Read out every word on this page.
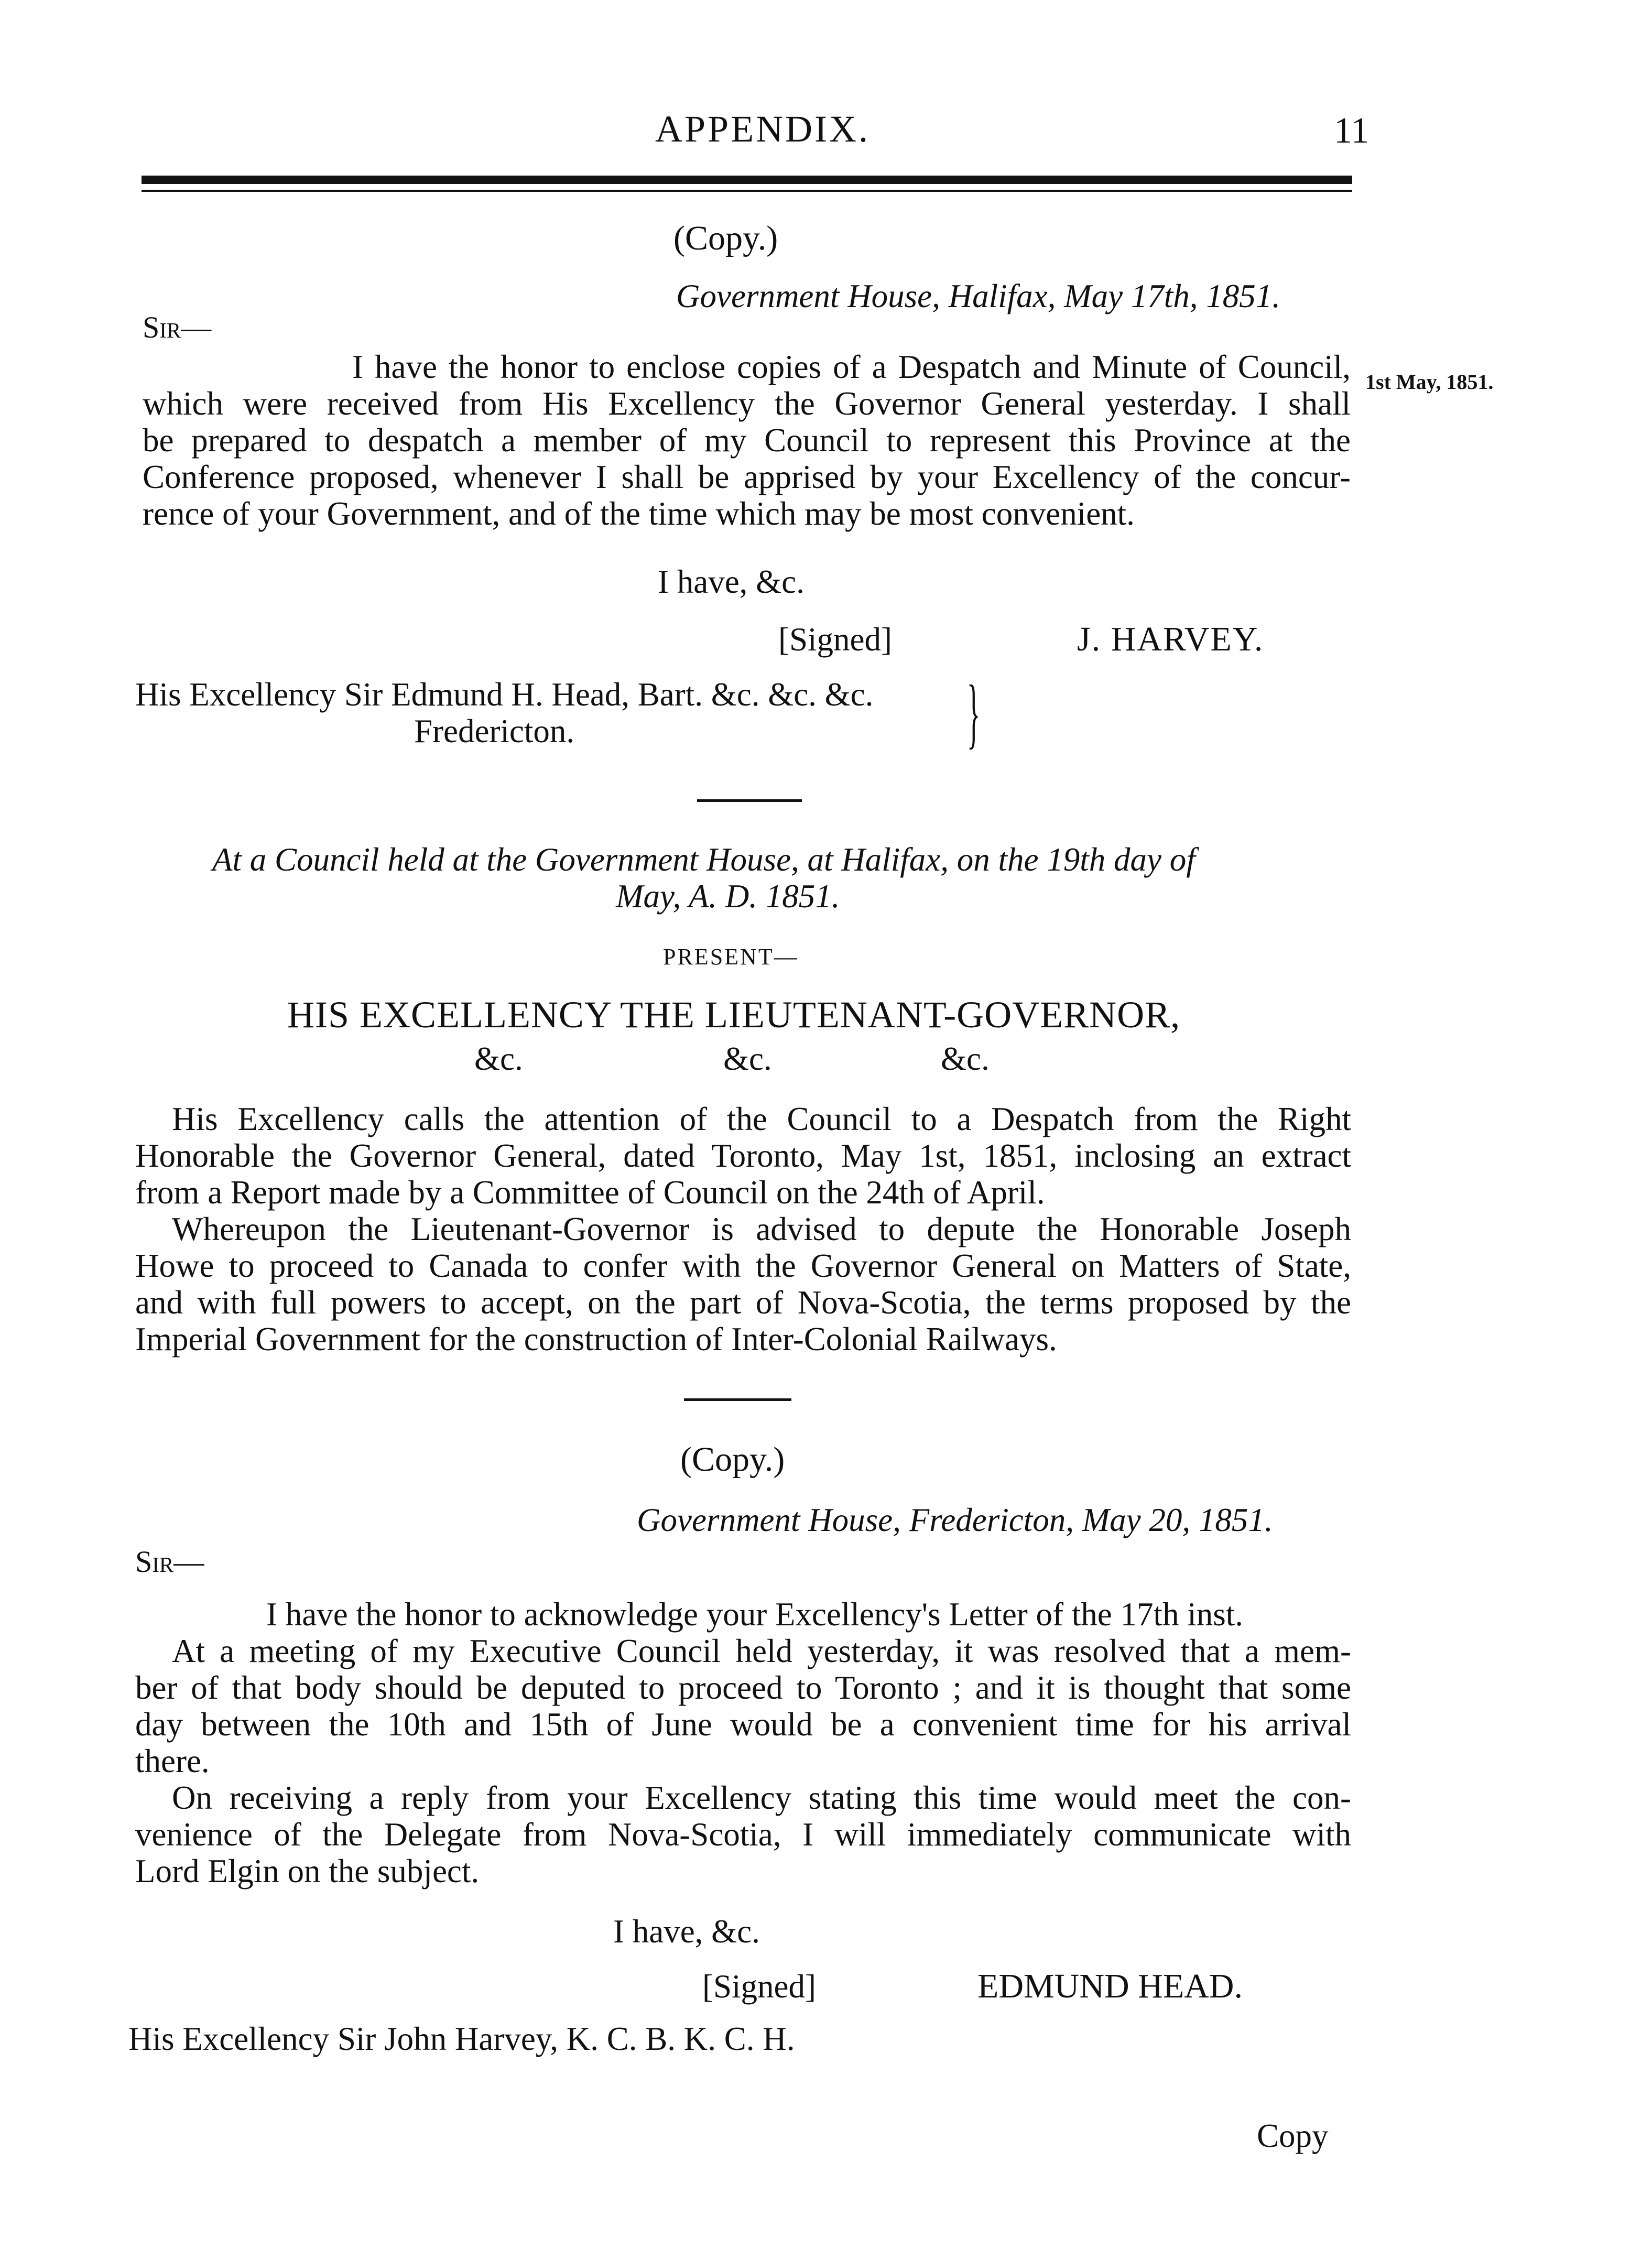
APPENDIX.	11
(Copy.)
Government House, Halifax, May 17th, 1851.
Sir—
1st May, 1851.
I have the honor to enclose copies of a Despatch and Minute of Council,
which were received from His Excellency the Governor General yesterday. I shall
be prepared to despatch a member of my Council to represent this Province at the
Conference proposed, whenever I shall be apprised by your Excellency of the concur-
rence of your Government, and of the time which may be most convenient.
I have, &c.
[Signed]	J. HARVEY.
His Excellency Sir Edmund H. Head, Bart. &c. &c. &c.
Fredericton.	}
At a Council held at the Government House, at Halifax, on the 19th day of
May, A. D. 1851.
PRESENT—
HIS EXCELLENCY THE LIEUTENANT-GOVERNOR,
&c.	&c.	&c.
His Excellency calls the attention of the Council to a Despatch from the Right
Honorable the Governor General, dated Toronto, May 1st, 1851, inclosing an extract
from a Report made by a Committee of Council on the 24th of April.
Whereupon the Lieutenant-Governor is advised to depute the Honorable Joseph
Howe to proceed to Canada to confer with the Governor General on Matters of State,
and with full powers to accept, on the part of Nova-Scotia, the terms proposed by the
Imperial Government for the construction of Inter-Colonial Railways.
(Copy.)
Government House, Fredericton, May 20, 1851.
Sir—
I have the honor to acknowledge your Excellency's Letter of the 17th inst.
At a meeting of my Executive Council held yesterday, it was resolved that a mem-
ber of that body should be deputed to proceed to Toronto ; and it is thought that some
day between the 10th and 15th of June would be a convenient time for his arrival
there.
On receiving a reply from your Excellency stating this time would meet the con-
venience of the Delegate from Nova-Scotia, I will immediately communicate with
Lord Elgin on the subject.
I have, &c.
[Signed]	EDMUND HEAD.
His Excellency Sir John Harvey, K. C. B. K. C. H.
Copy
